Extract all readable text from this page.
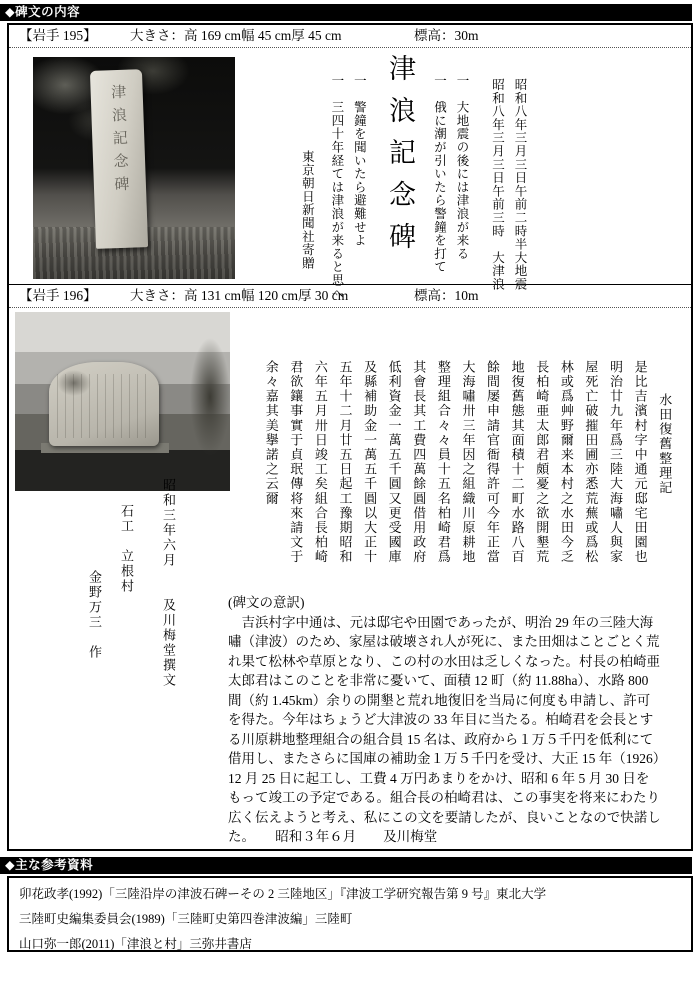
◆碑文の内容
【岩手 195】 大きさ：高 169 cm幅 45 cm厚 45 cm	標高：30m
津浪記念碑	昭和八年三月三日午前二時半大地震
昭和八年三月三日午前三時　大津浪
一　大地震の後には津浪が来る
一　俄に潮が引いたら警鐘を打て
津浪記念碑
一　警鐘を聞いたら避難せよ
一　三四十年経ては津浪が来ると思へ
東京朝日新聞社寄贈
【岩手 196】 大きさ：高 131 cm幅 120 cm厚 30 cm	標高：10m
水田復舊整理記
是比吉濱村字中通元邸宅田園也
明治廿九年爲三陸大海嘯人與家
屋死亡破摧田圃亦悉荒蕪或爲松
林或爲艸野爾来本村之水田今乏
長柏崎亜太郎君頗憂之欲開墾荒
地復舊態其面積十二町水路八百
餘間屡申請官衙得許可今年正當
大海嘯卅三年因之組織川原耕地
整理組合々々員十五名柏崎君爲
其會長其工費四萬餘圓借用政府
低利資金一萬五千圓又更受國庫
及縣補助金一萬五千圓以大正十
五年十二月廿五日起工豫期昭和
六年五月卅日竣工矣組合長柏崎
君欲鑲事實于貞珉傳将來請文于
余々嘉其美擧諾之云爾
昭和三年六月　　及川梅堂撰文
石工　立根村
金野万三　作	(碑文の意訳)
　吉浜村字中通は、元は邸宅や田園であったが、明治 29 年の三陸大海
嘯（津波）のため、家屋は破壊され人が死に、また田畑はことごとく荒
れ果て松林や草原となり、この村の水田は乏しくなった。村長の柏崎亜
太郎君はこのことを非常に憂いて、面積 12 町（約 11.88ha）、水路 800
間（約 1.45km）余りの開墾と荒れ地復旧を当局に何度も申請し、許可
を得た。今年はちょうど大津波の 33 年目に当たる。柏崎君を会長とす
る川原耕地整理組合の組合員 15 名は、政府から１万５千円を低利にて
借用し、またさらに国庫の補助金１万５千円を受け、大正 15 年（1926）
12 月 25 日に起工し、工費 4 万円あまりをかけ、昭和 6 年 5 月 30 日を
もって竣工の予定である。組合長の柏崎君は、この事実を将来にわたり
広く伝えようと考え、私にこの文を要請したが、良いことなので快諾し
た。　　昭和３年６月　　及川梅堂
◆主な参考資料
卯花政孝(1992)「三陸沿岸の津波石碑ーその 2 三陸地区」『津波工学研究報告第 9 号』東北大学
三陸町史編集委員会(1989)「三陸町史第四巻津波編」三陸町
山口弥一郎(2011)「津浪と村」三弥井書店
